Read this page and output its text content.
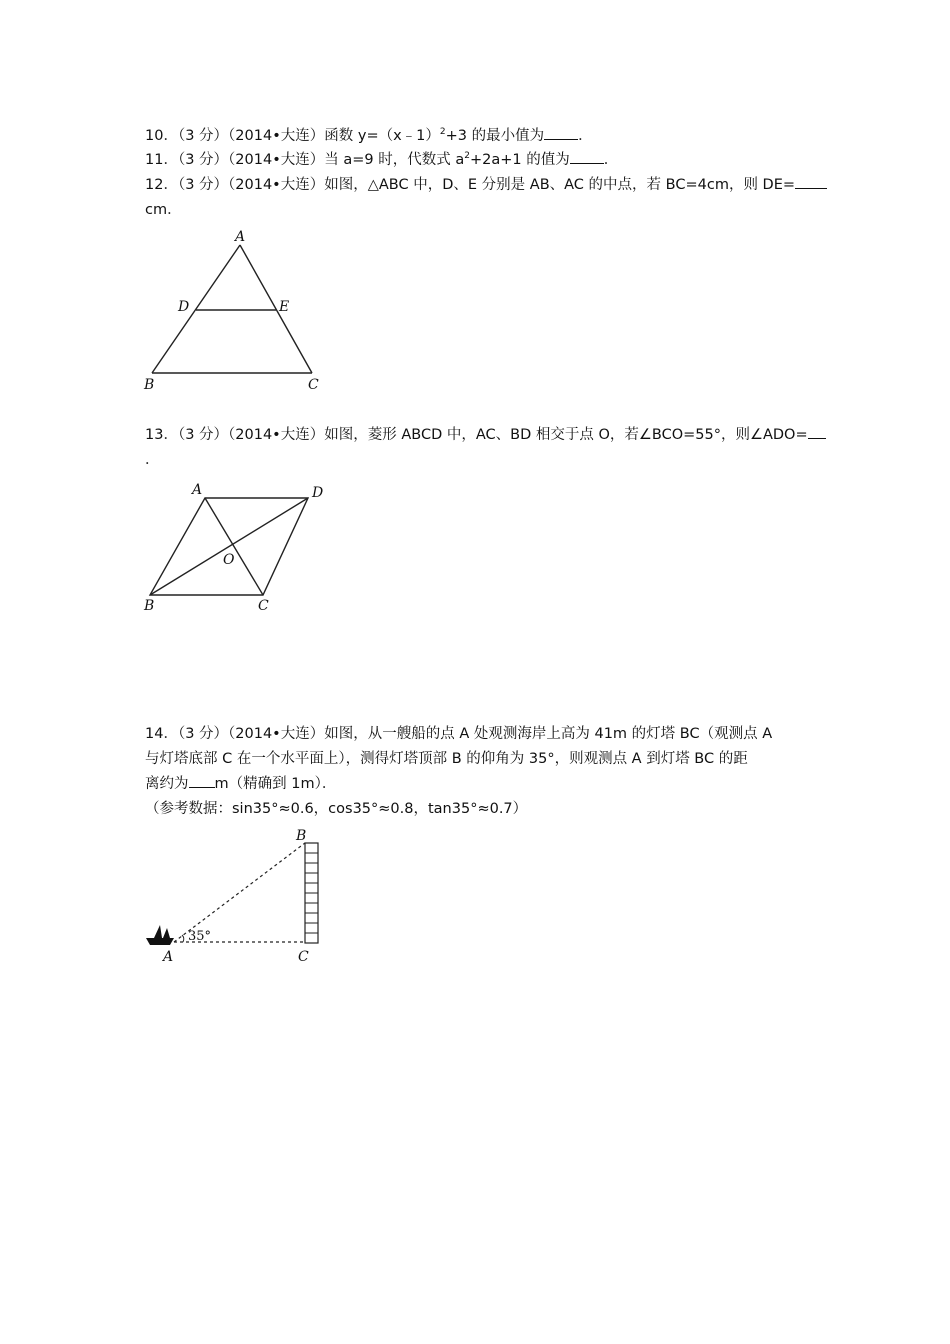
10．（3 分）（2014•大连）函数 y=（x﹣1）$^2$+3 的最小值为 ．
11．（3 分）（2014•大连）当 a=9 时，代数式 $a^2+2a+1$ 的值为 ．
12．（3 分）（2014•大连）如图，△ABC 中，D、E 分别是 AB、AC 的中点，若 BC=4cm，则 DE=
cm．
A
D	E
B	C
13．（3 分）（2014•大连）如图，菱形 ABCD 中，AC、BD 相交于点 O，若∠BCO=55°，则∠ADO=
．
A	D
O
B	C
14．（3 分）（2014•大连）如图，从一艘船的点 A 处观测海岸上高为 41m 的灯塔 BC（观测点 A
与灯塔底部 C 在一个水平面上），测得灯塔顶部 B 的仰角为 35°，则观测点 A 到灯塔 BC 的距
离约为 m（精确到 1m）．
（参考数据：sin35°≈0.6，cos35°≈0.8，tan35°≈0.7）
35°
B
A	C
